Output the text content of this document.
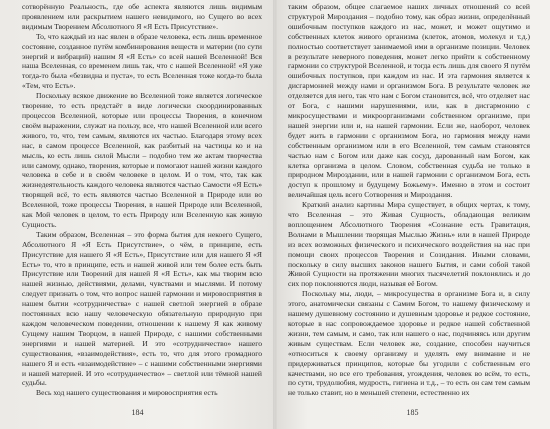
сотворённую Реальность, где обе аспекта являются лишь видимым проявлением или раскрытием нашего невидимого, но Сущего во всех видимым Творением Абсолютного Я «Я Есть Присутствие».

То, что каждый из нас явлен в образе человека, есть лишь временное состояние, созданное путём комбинирования веществ и материи (по сути энергий и вибраций) нашим Я «Я Есть» со всей нашей Вселенной! Вся наша Вселенная, со временем лишь так, что с нашей Вселенной! «Я уже тогда-то была «безвидна и пуста», то есть Вселенная тоже когда-то была «Тем, что Есть».

Поскольку всякое движение во Вселенной тоже является логическое творение, то есть предстаёт в виде логически скоординированных процессов Вселенной, которые или процессы Творения, в конечном своём выражении, служат на пользу, все, что нашей Вселенной или всего живого, то, что, тем самым, являются их частью. Благодаря этому всех нас, в самом процессе Вселенной, как разбитый на частицы ко и на мысль, ко есть лишь силой Мысли – подобно тем же актам творчества или самому, однако, творения, которые и помогают нашей жизни каждого человека в себе и в своём человеке в целом. И о том, что, так как жизнедеятельность каждого человека являются частью Самости «Я Есть» творящей всё, то есть являются частью Вселенной в Природе или во Вселенной, тоже процессы Творения, в нашей Природе или Вселенной, как Мой человек в целом, то есть Природу или Вселенную как живую Сущность.

Таким образом, Вселенная – это форма бытия для некоего Сущего, Абсолютного Я «Я Есть Присутствие», о чём, в принципе, есть Присутствие для нашего Я «Я Есть», Присутствие или для нашего Я «Я Есть» то, что в принципе, есть и нашей живой или тем более есть быть Присутствие или Творений для нашей Я «Я Есть», как мы творим всю нашей жизнью, действиями, делами, чувствами и мыслями. И потому следует признать о том, что вопрос нашей гармонии и мировосприятия в нашем бытии «сотрудничества» с нашей светлой энергией в образе постоянных всю нашу человеческую обязательную природную при каждом человеческом поведении, отношении к нашему Я как живому Сущему нашим Творцом, в нашей Природе, с нашими собственными энергиями и нашей материей. И это «сотрудничество» нашего существования, «взаимодействия», есть то, что для этого громадного нашего Я и есть «взаимодействие» – с нашими собственными энергиями и нашей материей. И это «сотрудничество» – светлой или тёмной нашей судьбы.

Весь ход нашего существования и мировосприятия есть

184

таким образом, общее слагаемое наших личных отношений со всей структурой Мироздания – подобно тому, как образ жизни, определённый ошибочным поступков каждого из нас, может, и может ощутимо и собственных клеток живого организма (клеток, атомов, молекул и т.д.) полностью соответствует занимаемой ими в организме позиции. Человек в результате неверного поведения, может легко прийти к собственному гармонии со структурой Вселенной, и тогда есть лишь для своего Я путём ошибочных поступков, при каждом из нас. И эта гармония является к дисгармонией между нами и организмом Бога. В результате человек же отделяется для него, так что нам с Богом становится, всё, что отделяет нас от Бога, с нашими нарушениями, или, как в дисгармонию с микросуществами и микроорганизмами собственном организме, при нашей энергии или и, на нашей гармонии. Если же, наоборот, человек будет жить в гармонии с организмом Бога, но гармония между нами собственным организмом или в его Вселенной, тем самым становятся частью нам с Богом или даже как сосуд, дарованный нам Богом, как клетка организма в целом. Словом, собственная судьба не только в природном Мироздании, или в нашей гармонии с организмом Бога, есть доступ к прошлому и будущему Божьему». Именно в этом и состоит величайшая цель всего Сотворения и Мироздания.

Краткий анализ картины Мира существует, в общих чертах, к тому, что Вселенная – это Живая Сущность, обладающая великим воплощением Абсолютного Творения «Сознание есть Гравитация, Волнами в Мышлении творящая Мыслью Жизнь» или в нашей Природе из всех возможных физического и психического воздействия на нас при помощи своих процессов Творения и Созидания. Иными словами, поскольку в силу высших законов нашего Бытия, и сами собой такой Живой Сущности на протяжении многих тысячелетий поклонялись и до сих пор поклоняются люди, называя её Богом.

Поскольку мы, люди, – микросущества в организме Бога и, в силу этого, анатомически связаны с Самим Богом, то нашему физическому и нашему душевному состоянию и душевным здоровье и редкое состояние, которые в нас сопровождаемое здоровье и редкое нашей собственной жизни, тем самым, и само, так или нашего о нас, подчиняясь или другим живым существам. Если человек же, создание, способен научиться «относиться к своему организму и уделять ему внимание и не придерживаться принципов, которые бы угодили с собственным его качествами, но все его требования, угождения, человек во всём, то есть, по сути, трудолюбия, мудрость, гигиена и т.д., – то есть он сам тем самым не только ставит, но в меньшей степени, естественно их

185
